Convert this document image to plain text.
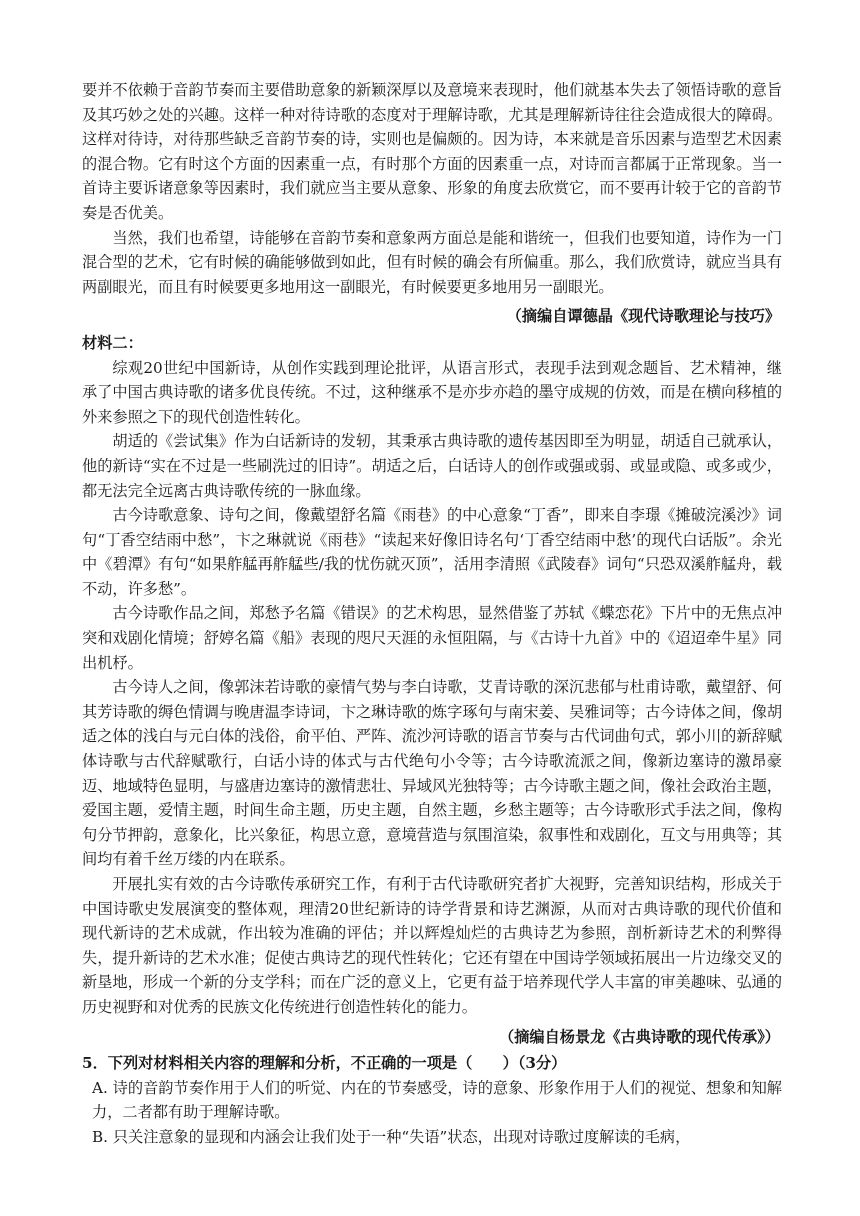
要并不依赖于音韵节奏而主要借助意象的新颖深厚以及意境来表现时，他们就基本失去了领悟诗歌的意旨及其巧妙之处的兴趣。这样一种对待诗歌的态度对于理解诗歌，尤其是理解新诗往往会造成很大的障碍。这样对待诗，对待那些缺乏音韵节奏的诗，实则也是偏颇的。因为诗，本来就是音乐因素与造型艺术因素的混合物。它有时这个方面的因素重一点，有时那个方面的因素重一点，对诗而言都属于正常现象。当一首诗主要诉诸意象等因素时，我们就应当主要从意象、形象的角度去欣赏它，而不要再计较于它的音韵节奏是否优美。

当然，我们也希望，诗能够在音韵节奏和意象两方面总是能和谐统一，但我们也要知道，诗作为一门混合型的艺术，它有时候的确能够做到如此，但有时候的确会有所偏重。那么，我们欣赏诗，就应当具有两副眼光，而且有时候要更多地用这一副眼光，有时候要更多地用另一副眼光。

（摘编自谭德晶《现代诗歌理论与技巧》

材料二：

综观20世纪中国新诗，从创作实践到理论批评，从语言形式，表现手法到观念题旨、艺术精神，继承了中国古典诗歌的诸多优良传统。不过，这种继承不是亦步亦趋的墨守成规的仿效，而是在横向移植的外来参照之下的现代创造性转化。

胡适的《尝试集》作为白话新诗的发轫，其秉承古典诗歌的遗传基因即至为明显，胡适自己就承认，他的新诗“实在不过是一些刷洗过的旧诗”。胡适之后，白话诗人的创作或强或弱、或显或隐、或多或少，都无法完全远离古典诗歌传统的一脉血缘。

古今诗歌意象、诗句之间，像戴望舒名篇《雨巷》的中心意象“丁香”，即来自李璟《摊破浣溪沙》词句“丁香空结雨中愁”，卞之琳就说《雨巷》“读起来好像旧诗名句‘丁香空结雨中愁’的现代白话版”。余光中《碧潭》有句“如果舴艋再舴艋些/我的忧伤就灭顶”，活用李清照《武陵春》词句“只恐双溪舴艋舟，载不动，许多愁”。

古今诗歌作品之间，郑愁予名篇《错误》的艺术构思，显然借鉴了苏轼《蝶恋花》下片中的无焦点冲突和戏剧化情境；舒婷名篇《船》表现的咫尺天涯的永恒阻隔，与《古诗十九首》中的《迢迢牵牛星》同出机杼。

古今诗人之间，像郭沫若诗歌的豪情气势与李白诗歌，艾青诗歌的深沉悲郁与杜甫诗歌，戴望舒、何其芳诗歌的缛色情调与晚唐温李诗词，卞之琳诗歌的炼字琢句与南宋姜、吴雅词等；古今诗体之间，像胡适之体的浅白与元白体的浅俗，俞平伯、严阵、流沙河诗歌的语言节奏与古代词曲句式，郭小川的新辞赋体诗歌与古代辞赋歌行，白话小诗的体式与古代绝句小令等；古今诗歌流派之间，像新边塞诗的激昂豪迈、地域特色显明，与盛唐边塞诗的激情悲壮、异域风光独特等；古今诗歌主题之间，像社会政治主题，爱国主题，爱情主题，时间生命主题，历史主题，自然主题，乡愁主题等；古今诗歌形式手法之间，像构句分节押韵，意象化，比兴象征，构思立意，意境营造与氛围渲染，叙事性和戏剧化，互文与用典等；其间均有着千丝万缕的内在联系。

开展扎实有效的古今诗歌传承研究工作，有利于古代诗歌研究者扩大视野，完善知识结构，形成关于中国诗歌史发展演变的整体观，理清20世纪新诗的诗学背景和诗艺渊源，从而对古典诗歌的现代价值和现代新诗的艺术成就，作出较为准确的评估；并以辉煌灿烂的古典诗艺为参照，剖析新诗艺术的利弊得失，提升新诗的艺术水准；促使古典诗艺的现代性转化；它还有望在中国诗学领域拓展出一片边缘交叉的新垦地，形成一个新的分支学科；而在广泛的意义上，它更有益于培养现代学人丰富的审美趣味、弘通的历史视野和对优秀的民族文化传统进行创造性转化的能力。

（摘编自杨景龙《古典诗歌的现代传承》）

5．下列对材料相关内容的理解和分析，不正确的一项是（　　）（3分）

A. 诗的音韵节奏作用于人们的听觉、内在的节奏感受，诗的意象、形象作用于人们的视觉、想象和知解力，二者都有助于理解诗歌。

B. 只关注意象的显现和内涵会让我们处于一种“失语”状态，出现对诗歌过度解读的毛病，
